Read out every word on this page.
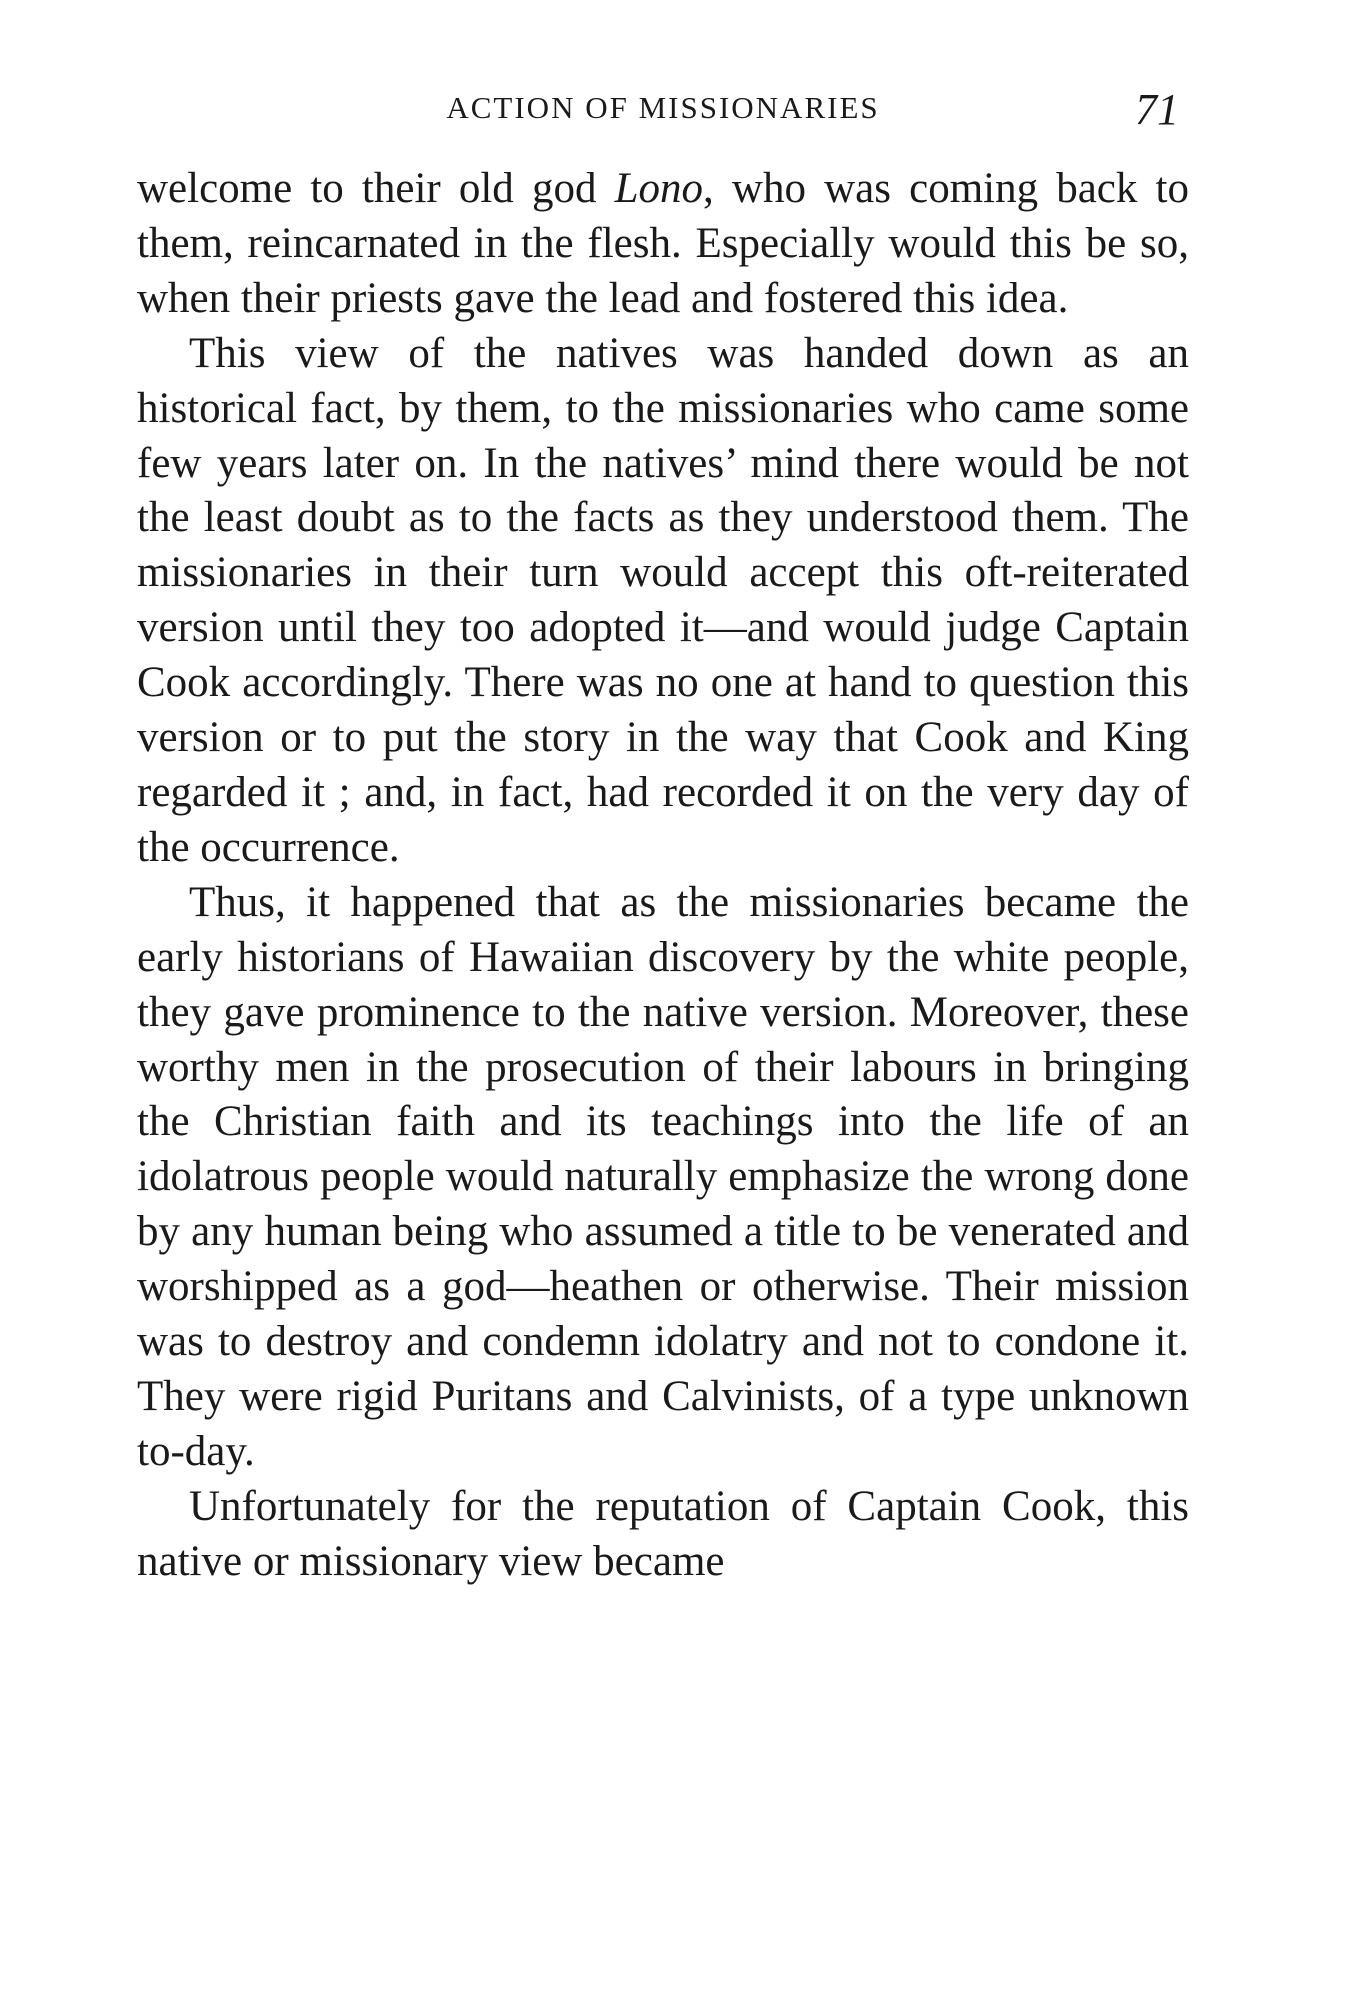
ACTION OF MISSIONARIES	71

welcome to their old god Lono, who was coming back to them, reincarnated in the flesh. Especially would this be so, when their priests gave the lead and fostered this idea.

This view of the natives was handed down as an historical fact, by them, to the missionaries who came some few years later on. In the natives’ mind there would be not the least doubt as to the facts as they understood them. The missionaries in their turn would accept this oft-reiterated version until they too adopted it—and would judge Captain Cook accordingly. There was no one at hand to question this version or to put the story in the way that Cook and King regarded it ; and, in fact, had recorded it on the very day of the occurrence.

Thus, it happened that as the missionaries became the early historians of Hawaiian discovery by the white people, they gave prominence to the native version. Moreover, these worthy men in the prosecution of their labours in bringing the Christian faith and its teachings into the life of an idolatrous people would naturally emphasize the wrong done by any human being who assumed a title to be venerated and worshipped as a god—heathen or otherwise. Their mission was to destroy and condemn idolatry and not to condone it. They were rigid Puritans and Calvinists, of a type unknown to-day.

Unfortunately for the reputation of Captain Cook, this native or missionary view became
